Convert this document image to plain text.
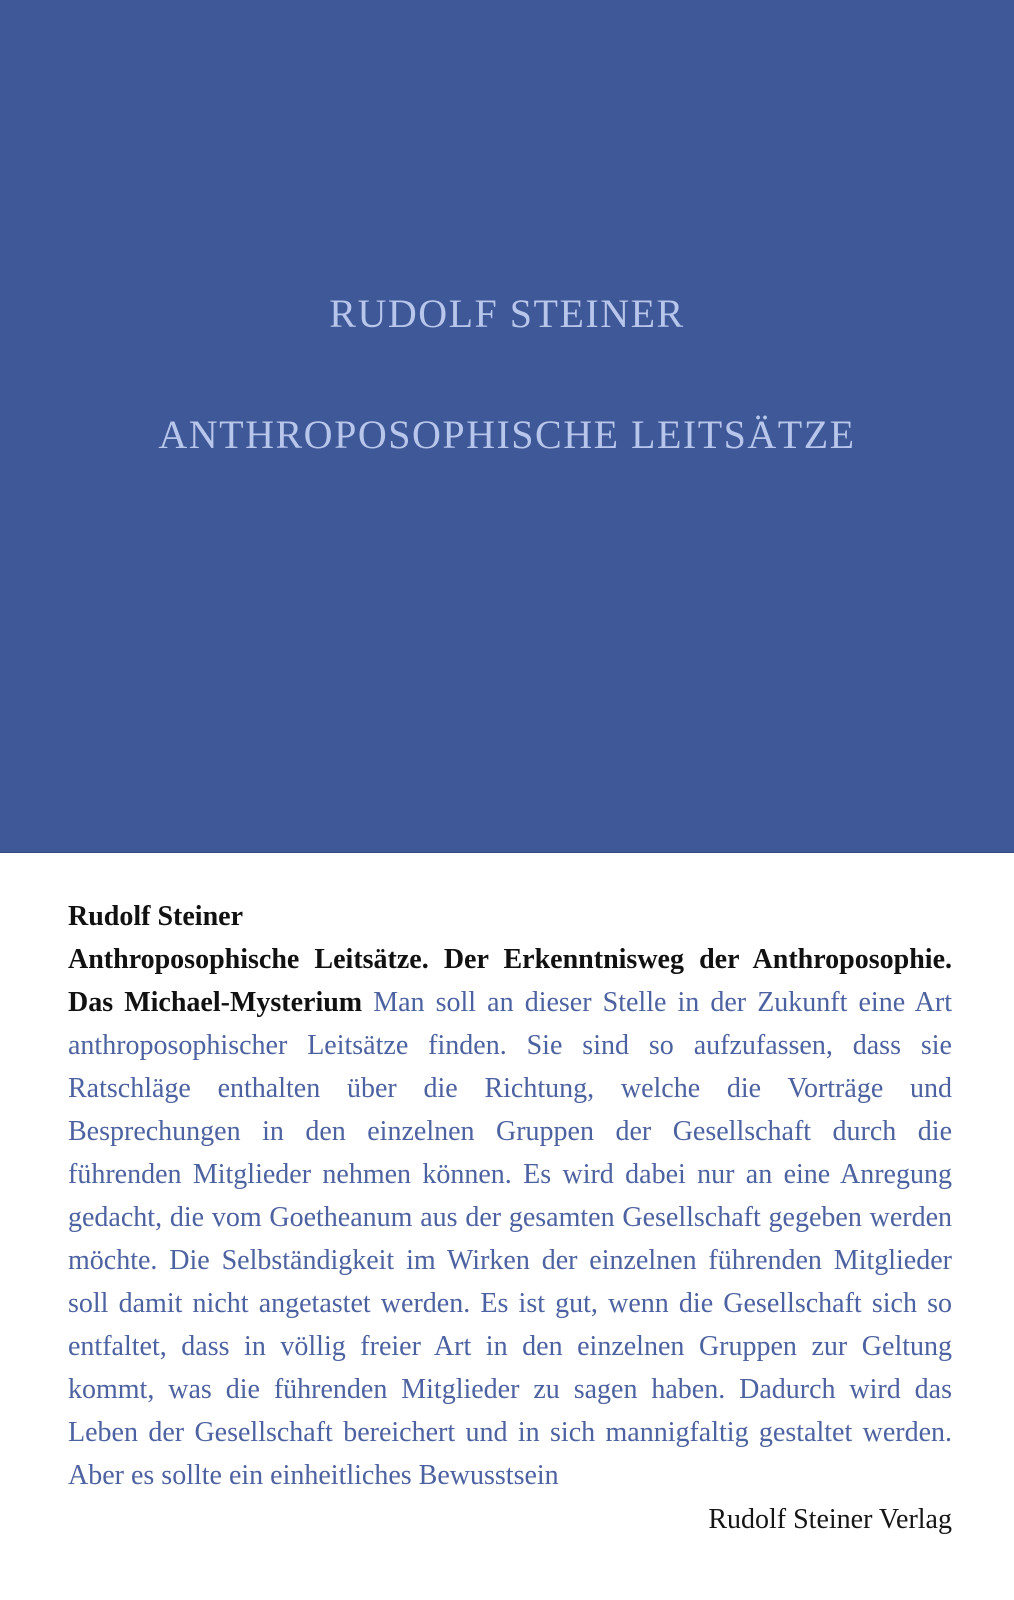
RUDOLF STEINER
ANTHROPOSOPHISCHE LEITSÄTZE
Rudolf Steiner
Anthroposophische Leitsätze. Der Erkenntnisweg der Anthroposophie. Das Michael-Mysterium Man soll an dieser Stelle in der Zukunft eine Art anthroposophischer Leitsätze finden. Sie sind so aufzufassen, dass sie Ratschläge enthalten über die Richtung, welche die Vorträge und Besprechungen in den einzelnen Gruppen der Gesellschaft durch die führenden Mitglieder nehmen können. Es wird dabei nur an eine Anregung gedacht, die vom Goetheanum aus der gesamten Gesellschaft gegeben werden möchte. Die Selbständigkeit im Wirken der einzelnen führenden Mitglieder soll damit nicht angetastet werden. Es ist gut, wenn die Gesellschaft sich so entfaltet, dass in völlig freier Art in den einzelnen Gruppen zur Geltung kommt, was die führenden Mitglieder zu sagen haben. Dadurch wird das Leben der Gesellschaft bereichert und in sich mannigfaltig gestaltet werden. Aber es sollte ein einheitliches Bewusstsein
Rudolf Steiner Verlag
